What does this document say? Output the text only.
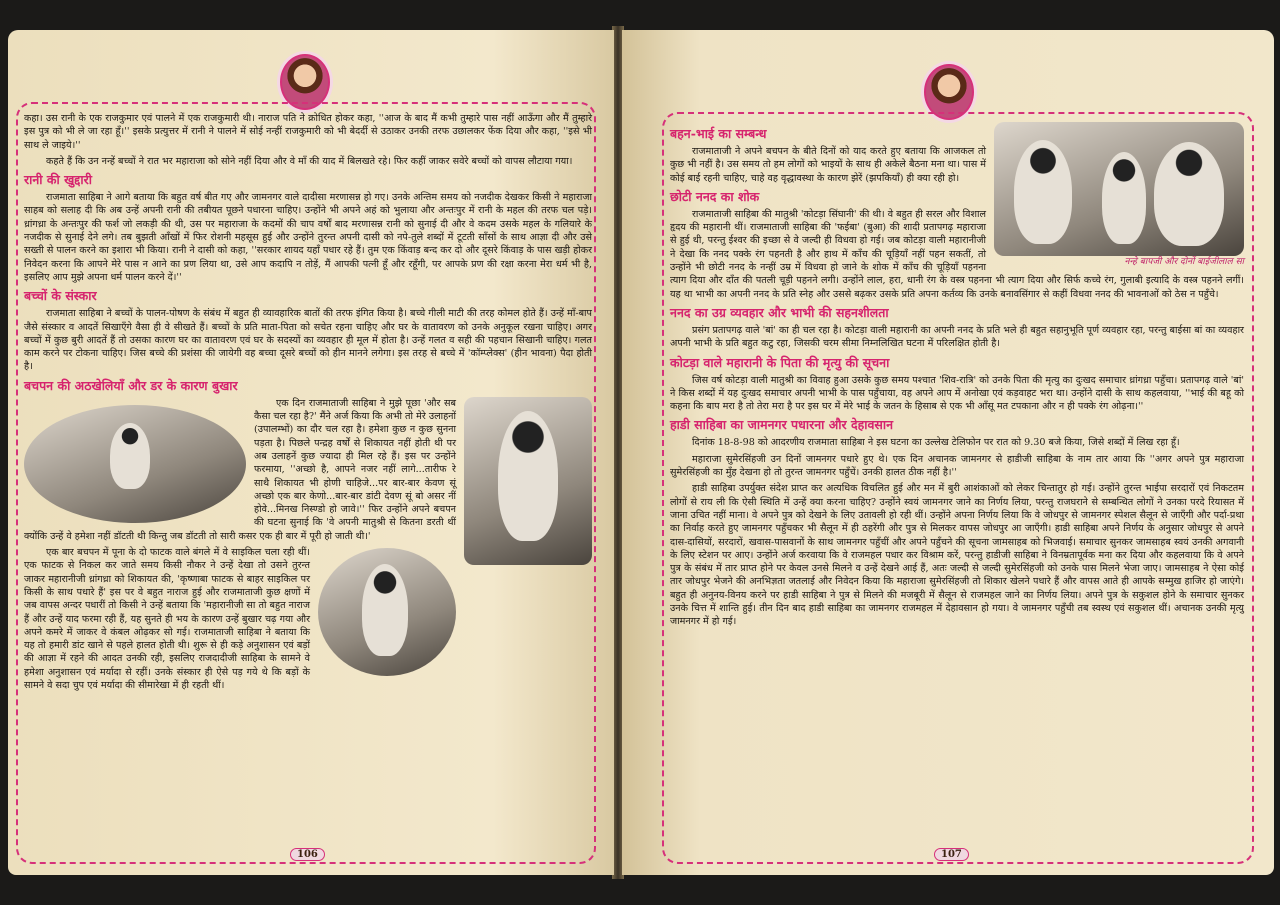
कहा। उस रानी के एक राजकुमार एवं पालने में एक राजकुमारी थी। नाराज पति ने क्रोधित होकर कहा, ''आज के बाद मैं कभी तुम्हारे पास नहीं आऊँगा और मैं तुम्हारे इस पुत्र को भी ले जा रहा हूँ।'' इसके प्रत्युत्तर में रानी ने पालने में सोई नन्हीं राजकुमारी को भी बेदर्दी से उठाकर उनकी तरफ उछालकर फेंक दिया और कहा, ''इसे भी साथ ले जाइये।''

कहते हैं कि उन नन्हें बच्चों ने रात भर महाराजा को सोने नहीं दिया और वे माँ की याद में बिलखते रहे। फिर कहीं जाकर सवेरे बच्चों को वापस लौटाया गया।

रानी की खुद्दारी

राजमाता साहिबा ने आगे बताया कि बहुत वर्ष बीत गए और जामनगर वाले दादीसा मरणासन्न हो गए। उनके अन्तिम समय को नजदीक देखकर किसी ने महाराजा साहब को सलाह दी कि अब उन्हें अपनी रानी की तबीयत पूछने पधारना चाहिए। उन्होंने भी अपने अहं को भुलाया और अन्तःपुर में रानी के महल की तरफ चल पड़े। ध्रांगध्रा के अन्तःपुर की फर्श जो लकड़ी की थी, उस पर महाराजा के कदमों की चाप वर्षों बाद मरणासन्न रानी को सुनाई दी और वे कदम उसके महल के गलियारे के नजदीक से सुनाई देने लगे। तब बुझती आँखों में फिर रोशनी महसूस हुई और उन्होंने तुरन्त अपनी दासी को नपे-तुले शब्दों में टूटती साँसों के साथ आज्ञा दी और उसे सख्ती से पालन करने का इशारा भी किया। रानी ने दासी को कहा, ''सरकार शायद यहाँ पधार रहे हैं। तुम एक किंवाड़ बन्द कर दो और दूसरे किंवाड़ के पास खड़ी होकर निवेदन करना कि आपने मेरे पास न आने का प्रण लिया था, उसे आप कदापि न तोड़ें, मैं आपकी पत्नी हूँ और रहूँगी, पर आपके प्रण की रक्षा करना मेरा धर्म भी है, इसलिए आप मुझे अपना धर्म पालन करने दें।''

बच्चों के संस्कार

राजमाता साहिबा ने बच्चों के पालन-पोषण के संबंध में बहुत ही व्यावहारिक बातों की तरफ इंगित किया है। बच्चे गीली माटी की तरह कोमल होते हैं। उन्हें माँ-बाप जैसे संस्कार व आदतें सिखाएँगे वैसा ही वे सीखते हैं। बच्चों के प्रति माता-पिता को सचेत रहना चाहिए और घर के वातावरण को उनके अनुकूल रखना चाहिए। अगर बच्चों में कुछ बुरी आदतें हैं तो उसका कारण घर का वातावरण एवं घर के सदस्यों का व्यवहार ही मूल में होता है। उन्हें गलत व सही की पहचान सिखानी चाहिए। गलत काम करने पर टोकना चाहिए। जिस बच्चे की प्रशंसा की जायेगी वह बच्चा दूसरे बच्चों को हीन मानने लगेगा। इस तरह से बच्चे में 'कॉम्प्लेक्स' (हीन भावना) पैदा होती है।

बचपन की अठखेलियाँ और डर के कारण बुखार

एक दिन राजमाताजी साहिबा ने मुझे पूछा 'और सब कैसा चल रहा है?' मैंने अर्ज किया कि अभी तो मेरे उलाहनों (उपालम्भों) का दौर चल रहा है। हमेशा कुछ न कुछ सुनना पड़ता है। पिछले पन्द्रह वर्षों से शिकायत नहीं होती थी पर अब उलाहनें कुछ ज्यादा ही मिल रहे हैं। इस पर उन्होंने फरमाया, ''अच्छो है, आपने नजर नहीं लागे...तारीफ रे साथै शिकायत भी होणी चाहिजे...पर बार-बार केवण सूं अच्छो एक बार केणो...बार-बार डांटी देवण सूं बो असर नीं होवे...मिनख निस्ण्डो हो जावे।'' फिर उन्होंने अपने बचपन की घटना सुनाई कि 'वे अपनी मातुश्री से कितना डरती थीं क्योंकि उन्हें वे हमेशा नहीं डॉटती थी किन्तु जब डॉटती तो सारी कसर एक ही बार में पूरी हो जाती थी।'

एक बार बचपन में पूना के दो फाटक वाले बंगले में वे साइकिल चला रही थीं। एक फाटक से निकल कर जाते समय किसी नौकर ने उन्हें देखा तो उसने तुरन्त जाकर महारानीजी ध्रांगध्रा को शिकायत की, 'कृष्णाबा फाटक से बाहर साइकिल पर किसी के साथ पधारे हैं' इस पर वे बहुत नाराज हुई और राजमाताजी कुछ क्षणों में जब वापस अन्दर पधारीं तो किसी ने उन्हें बताया कि 'महारानीजी सा तो बहुत नाराज हैं और उन्हें याद फरमा रही हैं, यह सुनते ही भय के कारण उन्हें बुखार चढ़ गया और अपने कमरे में जाकर वे कंबल ओढ़कर सो गई। राजमाताजी साहिबा ने बताया कि यह तो हमारी डांट खाने से पहले हालत होती थी। शुरू से ही कड़े अनुशासन एवं बड़ों की आज्ञा में रहने की आदत उनकी रही, इसलिए राजदादीजी साहिबा के सामने वे हमेशा अनुशासन एवं मर्यादा से रहीं। उनके संस्कार ही ऐसे पड़ गये थे कि बड़ों के सामने वे सदा चुप एवं मर्यादा की सीमारेखा में ही रहती थीं।

106
नन्हे बापजी और दोनों बाईजीलाल सा
बहन-भाई का सम्बन्ध

राजमाताजी ने अपने बचपन के बीते दिनों को याद करते हुए बताया कि आजकल तो कुछ भी नहीं है। उस समय तो हम लोगों को भाइयों के साथ ही अकेले बैठना मना था। पास में कोई बाई रहनी चाहिए, चाहे वह वृद्धावस्था के कारण झेरें (झपकियाँ) ही क्या रही हो।

छोटी ननद का शोक

राजमाताजी साहिबा की मातुश्री 'कोटड़ा सिंघानी' की थी। वे बहुत ही सरल और विशाल हृदय की महारानी थीं। राजमाताजी साहिबा की 'फईबा' (बुआ) की शादी प्रतापगढ़ महाराजा से हुई थी, परन्तु ईश्वर की इच्छा से वे जल्दी ही विधवा हो गई। जब कोटड़ा वाली महारानीजी ने देखा कि ननद पक्के रंग पहनती है और हाथ में काँच की चूड़ियाँ नहीं पहन सकतीं, तो उन्होंने भी छोटी ननद के नन्हीं उम्र में विधवा हो जाने के शोक में काँच की चूड़ियाँ पहनना त्याग दिया और दाँत की पतली चूड़ी पहनने लगी। उन्होंने लाल, हरा, धानी रंग के वस्त्र पहनना भी त्याग दिया और सिर्फ कच्चे रंग, गुलाबी इत्यादि के वस्त्र पहनने लगीं। यह था भाभी का अपनी ननद के प्रति स्नेह और उससे बढ़कर उसके प्रति अपना कर्तव्य कि उनके बनावसिंगार से कहीं विधवा ननद की भावनाओं को ठेस न पहुँचे।

ननद का उग्र व्यवहार और भाभी की सहनशीलता

प्रसंग प्रतापगढ़ वाले 'बां' का ही चल रहा है। कोटड़ा वाली महारानी का अपनी ननद के प्रति भले ही बहुत सहानुभूति पूर्ण व्यवहार रहा, परन्तु बाईसा बां का व्यवहार अपनी भाभी के प्रति बहुत कटु रहा, जिसकी चरम सीमा निम्नलिखित घटना में परिलक्षित होती है।

कोटड़ा वाले महारानी के पिता की मृत्यु की सूचना

जिस वर्ष कोटड़ा वाली मातुश्री का विवाह हुआ उसके कुछ समय पश्चात 'शिव-रात्रि' को उनके पिता की मृत्यु का दुःखद समाचार ध्रांगध्रा पहुँचा। प्रतापगढ़ वाले 'बां' ने किस शब्दों में यह दुःखद समाचार अपनी भाभी के पास पहुँचाया, वह अपने आप में अनोखा एवं कड़वाहट भरा था। उन्होंने दासी के साथ कहलवाया, ''भाई की बहू को कहना कि बाप मरा है तो तेरा मरा है पर इस घर में मेरे भाई के जतन के हिसाब से एक भी आँसू मत टपकाना और न ही पक्के रंग ओढ़ना।''

हाडी साहिबा का जामनगर पधारना और देहावसान

दिनांक 18-8-98 को आदरणीय राजमाता साहिबा ने इस घटना का उल्लेख टेलिफोन पर रात को 9.30 बजे किया, जिसे शब्दों में लिख रहा हूँ।

महाराजा सुमेरसिंहजी उन दिनों जामनगर पधारे हुए थे। एक दिन अचानक जामनगर से हाडीजी साहिबा के नाम तार आया कि ''अगर अपने पुत्र महाराजा सुमेरसिंहजी का मुँह देखना हो तो तुरन्त जामनगर पहुँचें। उनकी हालत ठीक नहीं है।''

हाडी साहिबा उपर्युक्त संदेश प्राप्त कर अत्यधिक विचलित हुई और मन में बुरी आशंकाओं को लेकर चिन्तातुर हो गई। उन्होंने तुरन्त भाईपा सरदारों एवं निकटतम लोगों से राय ली कि ऐसी स्थिति में उन्हें क्या करना चाहिए? उन्होंने स्वयं जामनगर जाने का निर्णय लिया, परन्तु राजघराने से सम्बन्धित लोगों ने उनका परदे रियासत में जाना उचित नहीं माना। वे अपने पुत्र को देखने के लिए उतावली हो रही थीं। उन्होंने अपना निर्णय लिया कि वे जोधपुर से जामनगर स्पेशल सैलून से जाएँगी और पर्दा-प्रथा का निर्वाह करते हुए जामनगर पहुँचकर भी सैलून में ही ठहरेंगी और पुत्र से मिलकर वापस जोधपुर आ जाएँगी। हाडी साहिबा अपने निर्णय के अनुसार जोधपुर से अपने दास-दासियों, सरदारों, खवास-पासवानों के साथ जामनगर पहुँचीं और अपने पहुँचने की सूचना जामसाहब को भिजवाई। समाचार सुनकर जामसाहब स्वयं उनकी अगवानी के लिए स्टेशन पर आए। उन्होंने अर्ज करवाया कि वे राजमहल पधार कर विश्राम करें, परन्तु हाडीजी साहिबा ने विनम्रतापूर्वक मना कर दिया और कहलवाया कि वे अपने पुत्र के संबंध में तार प्राप्त होने पर केवल उनसे मिलने व उन्हें देखने आई हैं, अतः जल्दी से जल्दी सुमेरसिंहजी को उनके पास मिलने भेजा जाए। जामसाहब ने ऐसा कोई तार जोधपुर भेजने की अनभिज्ञता जतलाई और निवेदन किया कि महाराजा सुमेरसिंहजी तो शिकार खेलने पधारे हैं और वापस आते ही आपके सम्मुख हाजिर हो जाएंगे। बहुत ही अनुनय-विनय करने पर हाडी साहिबा ने पुत्र से मिलने की मजबूरी में सैलून से राजमहल जाने का निर्णय लिया। अपने पुत्र के सकुशल होने के समाचार सुनकर उनके चित्त में शान्ति हुई। तीन दिन बाद हाडी साहिबा का जामनगर राजमहल में देहावसान हो गया। वे जामनगर पहुँची तब स्वस्थ एवं सकुशल थीं। अचानक उनकी मृत्यु जामनगर में हो गई।

107
